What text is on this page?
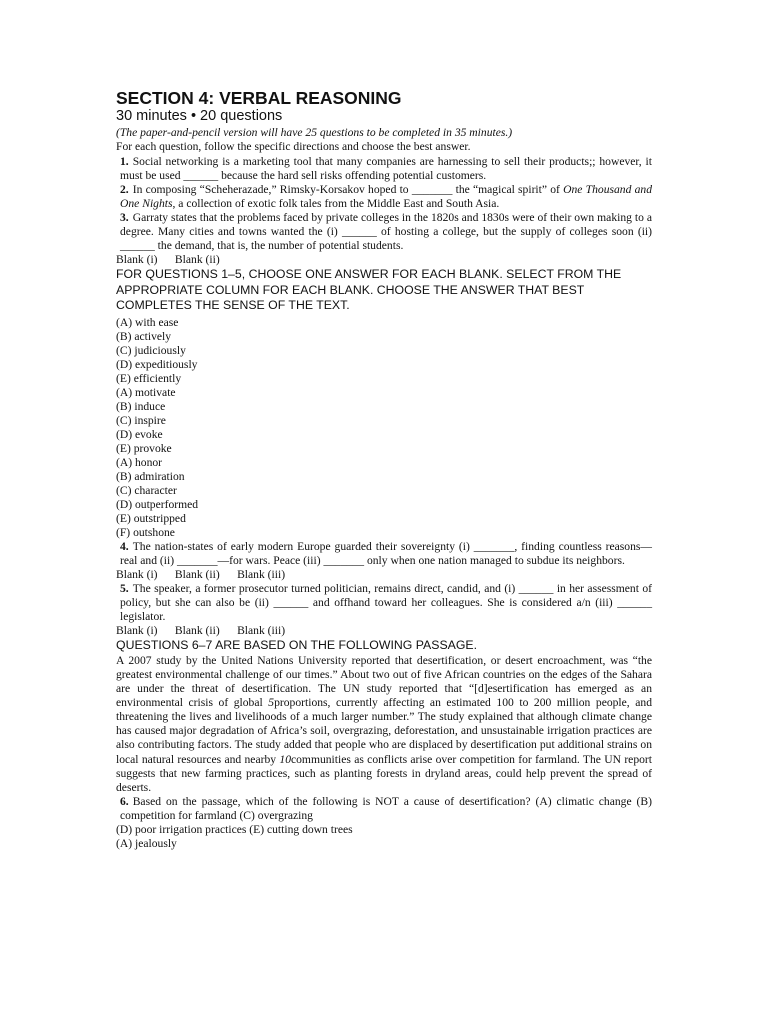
SECTION 4: VERBAL REASONING

30 minutes • 20 questions

(The paper-and-pencil version will have 25 questions to be completed in 35 minutes.)

For each question, follow the specific directions and choose the best answer.

1. Social networking is a marketing tool that many companies are harnessing to sell their products;; however, it must be used ______ because the hard sell risks offending potential customers.

2. In composing “Scheherazade,” Rimsky-Korsakov hoped to _______ the “magical spirit” of One Thousand and One Nights, a collection of exotic folk tales from the Middle East and South Asia.

3. Garraty states that the problems faced by private colleges in the 1820s and 1830s were of their own making to a degree. Many cities and towns wanted the (i) ______ of hosting a college, but the supply of colleges soon (ii) ______ the demand, that is, the number of potential students.

Blank (i)      Blank (ii)

FOR QUESTIONS 1–5, CHOOSE ONE ANSWER FOR EACH BLANK. SELECT FROM THE APPROPRIATE COLUMN FOR EACH BLANK. CHOOSE THE ANSWER THAT BEST COMPLETES THE SENSE OF THE TEXT.

(A) with ease

(B) actively

(C) judiciously

(D) expeditiously

(E) efficiently

(A) motivate

(B) induce

(C) inspire

(D) evoke

(E) provoke

(A) honor

(B) admiration

(C) character

(D) outperformed

(E) outstripped

(F) outshone

4. The nation-states of early modern Europe guarded their sovereignty (i) _______, finding countless reasons—real and (ii) _______—for wars. Peace (iii) _______ only when one nation managed to subdue its neighbors.

Blank (i)      Blank (ii)      Blank (iii)

5. The speaker, a former prosecutor turned politician, remains direct, candid, and (i) ______ in her assessment of policy, but she can also be (ii) ______ and offhand toward her colleagues. She is considered a/n (iii) ______ legislator.

Blank (i)      Blank (ii)      Blank (iii)

QUESTIONS 6–7 ARE BASED ON THE FOLLOWING PASSAGE.

A 2007 study by the United Nations University reported that desertification, or desert encroachment, was “the greatest environmental challenge of our times.” About two out of five African countries on the edges of the Sahara are under the threat of desertification. The UN study reported that “[d]esertification has emerged as an environmental crisis of global 5proportions, currently affecting an estimated 100 to 200 million people, and threatening the lives and livelihoods of a much larger number.” The study explained that although climate change has caused major degradation of Africa’s soil, overgrazing, deforestation, and unsustainable irrigation practices are also contributing factors. The study added that people who are displaced by desertification put additional strains on local natural resources and nearby 10communities as conflicts arise over competition for farmland. The UN report suggests that new farming practices, such as planting forests in dryland areas, could help prevent the spread of deserts.

6. Based on the passage, which of the following is NOT a cause of desertification? (A) climatic change (B) competition for farmland (C) overgrazing

(D) poor irrigation practices (E) cutting down trees

(A) jealously
